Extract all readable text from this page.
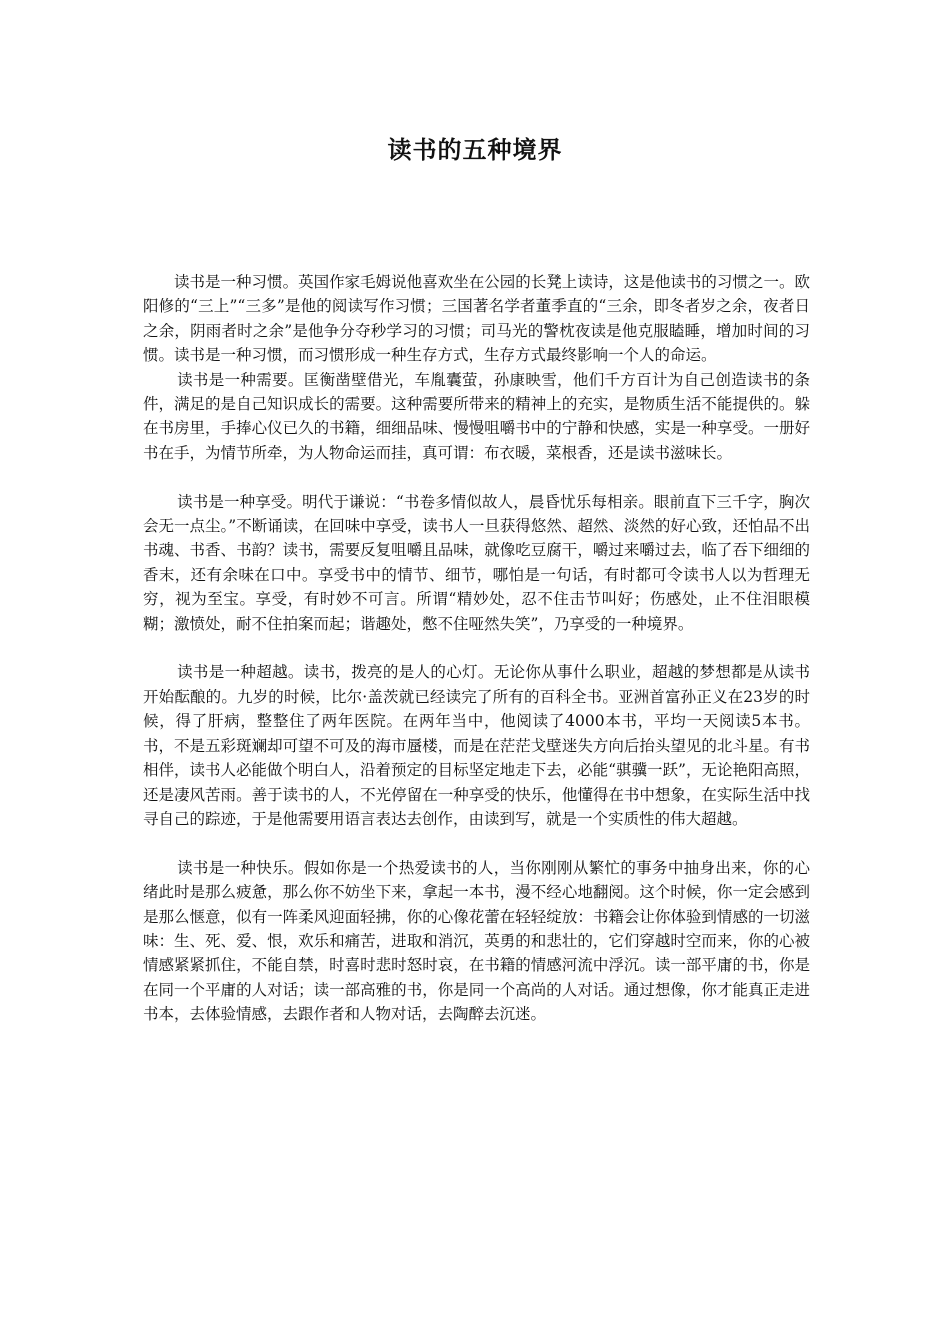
读书的五种境界

读书是一种习惯。英国作家毛姆说他喜欢坐在公园的长凳上读诗，这是他读书的习惯之一。欧阳修的“三上”“三多”是他的阅读写作习惯；三国著名学者董季直的“三余，即冬者岁之余，夜者日之余，阴雨者时之余”是他争分夺秒学习的习惯；司马光的警枕夜读是他克服瞌睡，增加时间的习惯。读书是一种习惯，而习惯形成一种生存方式，生存方式最终影响一个人的命运。

读书是一种需要。匡衡凿壁借光，车胤囊萤，孙康映雪，他们千方百计为自己创造读书的条件，满足的是自己知识成长的需要。这种需要所带来的精神上的充实，是物质生活不能提供的。躲在书房里，手捧心仪已久的书籍，细细品味、慢慢咀嚼书中的宁静和快感，实是一种享受。一册好书在手，为情节所牵，为人物命运而挂，真可谓：布衣暖，菜根香，还是读书滋味长。

读书是一种享受。明代于谦说：“书卷多情似故人，晨昏忧乐每相亲。眼前直下三千字，胸次会无一点尘。”不断诵读，在回味中享受，读书人一旦获得悠然、超然、淡然的好心致，还怕品不出书魂、书香、书韵？读书，需要反复咀嚼且品味，就像吃豆腐干，嚼过来嚼过去，临了吞下细细的香末，还有余味在口中。享受书中的情节、细节，哪怕是一句话，有时都可令读书人以为哲理无穷，视为至宝。享受，有时妙不可言。所谓“精妙处，忍不住击节叫好；伤感处，止不住泪眼模糊；激愤处，耐不住拍案而起；谐趣处，憋不住哑然失笑”，乃享受的一种境界。

读书是一种超越。读书，拨亮的是人的心灯。无论你从事什么职业，超越的梦想都是从读书开始酝酿的。九岁的时候，比尔·盖茨就已经读完了所有的百科全书。亚洲首富孙正义在23岁的时候，得了肝病，整整住了两年医院。在两年当中，他阅读了4000本书，平均一天阅读5本书。书，不是五彩斑斓却可望不可及的海市蜃楼，而是在茫茫戈壁迷失方向后抬头望见的北斗星。有书相伴，读书人必能做个明白人，沿着预定的目标坚定地走下去，必能“骐骥一跃”，无论艳阳高照，还是凄风苦雨。善于读书的人，不光停留在一种享受的快乐，他懂得在书中想象，在实际生活中找寻自己的踪迹，于是他需要用语言表达去创作，由读到写，就是一个实质性的伟大超越。

读书是一种快乐。假如你是一个热爱读书的人，当你刚刚从繁忙的事务中抽身出来，你的心绪此时是那么疲惫，那么你不妨坐下来，拿起一本书，漫不经心地翻阅。这个时候，你一定会感到是那么惬意，似有一阵柔风迎面轻拂，你的心像花蕾在轻轻绽放：书籍会让你体验到情感的一切滋味：生、死、爱、恨，欢乐和痛苦，进取和消沉，英勇的和悲壮的，它们穿越时空而来，你的心被情感紧紧抓住，不能自禁，时喜时悲时怒时哀，在书籍的情感河流中浮沉。读一部平庸的书，你是在同一个平庸的人对话；读一部高雅的书，你是同一个高尚的人对话。通过想像，你才能真正走进书本，去体验情感，去跟作者和人物对话，去陶醉去沉迷。
